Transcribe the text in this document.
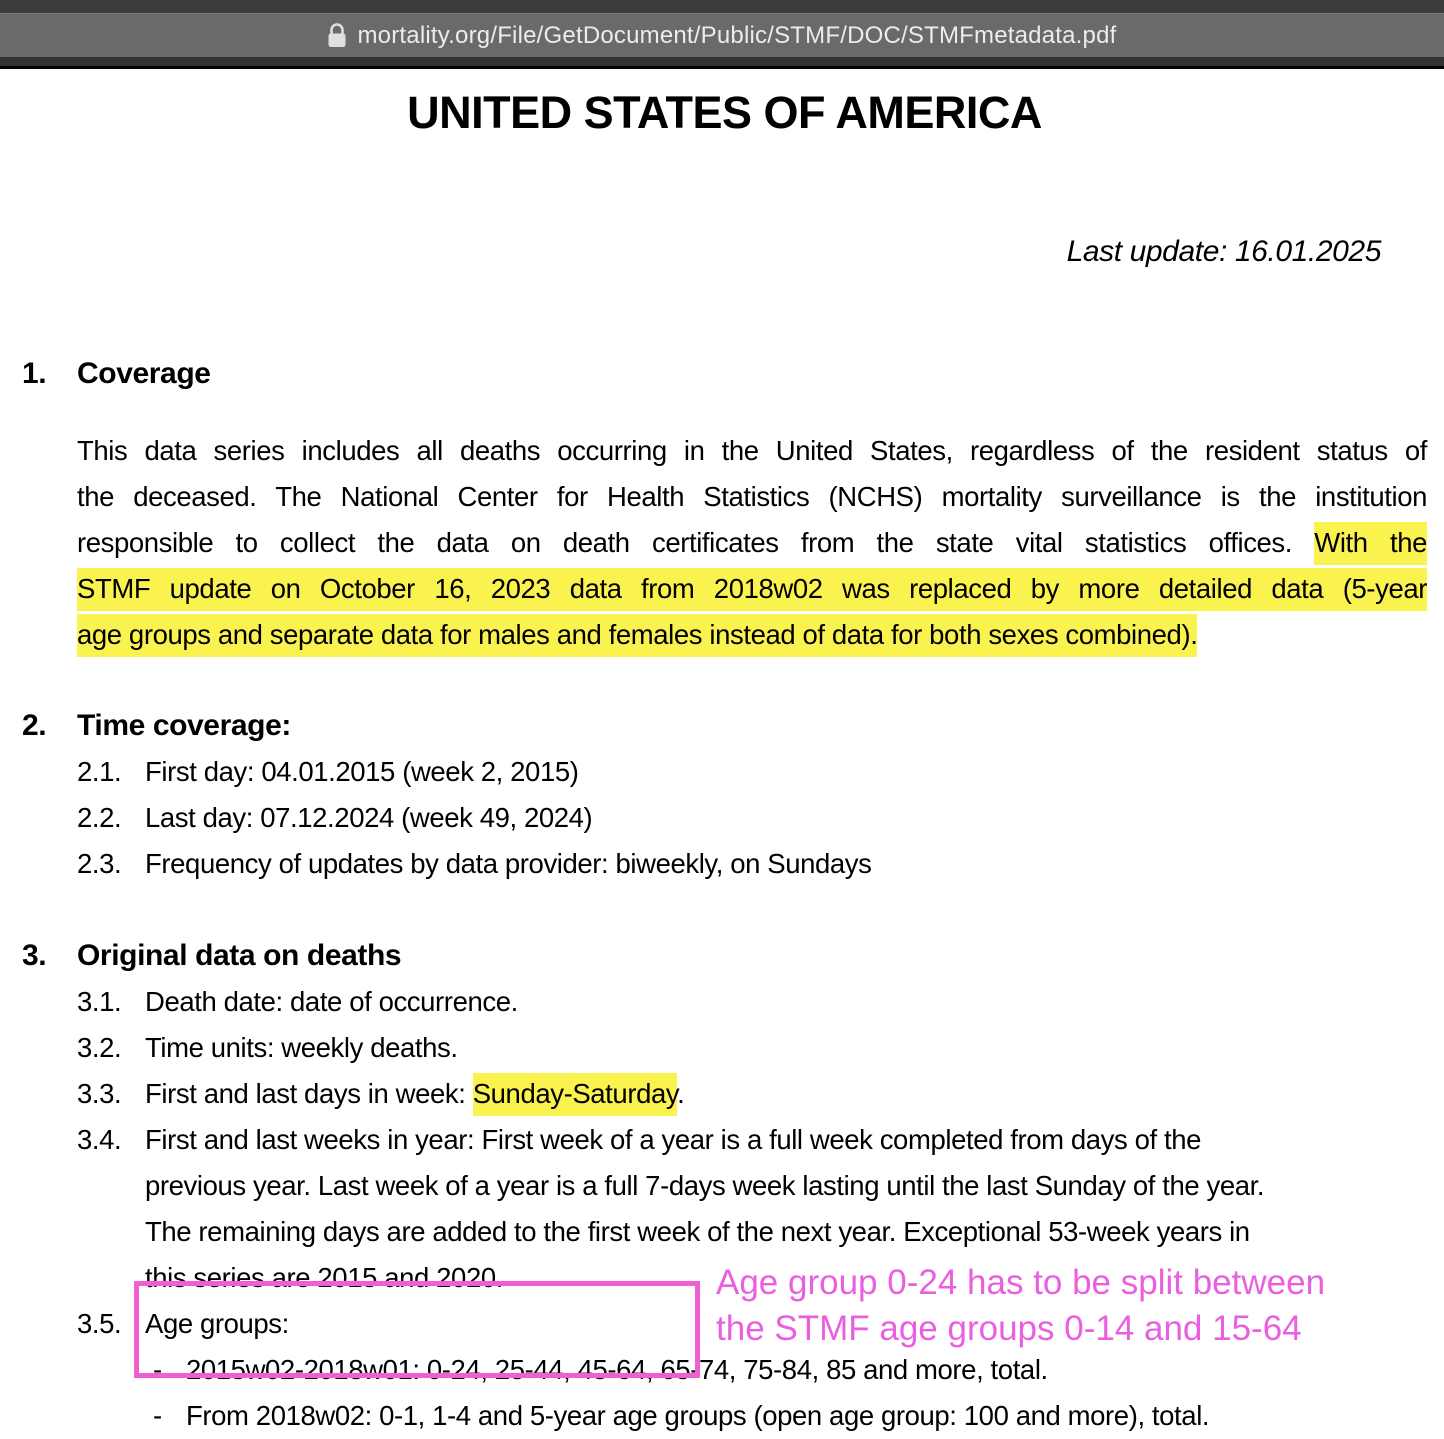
mortality.org/File/GetDocument/Public/STMF/DOC/STMFmetadata.pdf
UNITED STATES OF AMERICA
Last update: 16.01.2025
1.	Coverage
This data series includes all deaths occurring in the United States, regardless of the resident status of
the deceased. The National Center for Health Statistics (NCHS) mortality surveillance is the institution
responsible to collect the data on death certificates from the state vital statistics offices. With the
STMF update on October 16, 2023 data from 2018w02 was replaced by more detailed data (5-year
age groups and separate data for males and females instead of data for both sexes combined).
2.	Time coverage:
2.1. First day: 04.01.2015 (week 2, 2015)
2.2. Last day: 07.12.2024 (week 49, 2024)
2.3. Frequency of updates by data provider: biweekly, on Sundays
3.	Original data on deaths
3.1. Death date: date of occurrence.
3.2. Time units: weekly deaths.
3.3. First and last days in week: Sunday-Saturday.
3.4. First and last weeks in year: First week of a year is a full week completed from days of the
previous year. Last week of a year is a full 7-days week lasting until the last Sunday of the year.
The remaining days are added to the first week of the next year. Exceptional 53-week years in
this series are 2015 and 2020.
3.5. Age groups:
- 2015w02-2018w01: 0-24, 25-44, 45-64, 65-74, 75-84, 85 and more, total.
- From 2018w02: 0-1, 1-4 and 5-year age groups (open age group: 100 and more), total.
Age group 0-24 has to be split between
the STMF age groups 0-14 and 15-64
